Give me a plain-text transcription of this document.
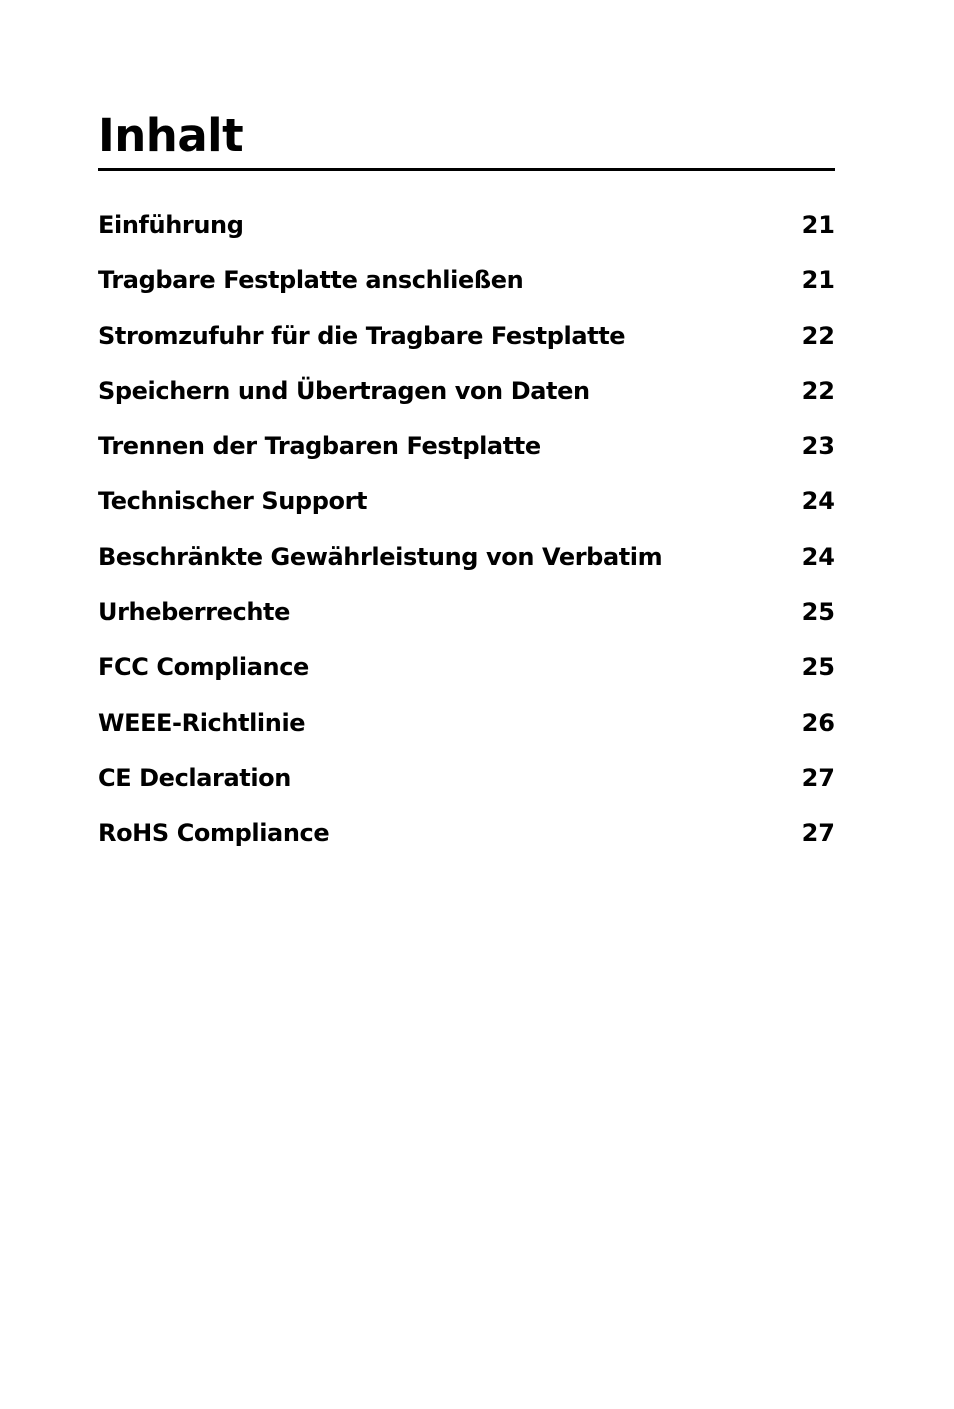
Inhalt
Einführung	21
Tragbare Festplatte anschließen	21
Stromzufuhr für die Tragbare Festplatte	22
Speichern und Übertragen von Daten	22
Trennen der Tragbaren Festplatte	23
Technischer Support	24
Beschränkte Gewährleistung von Verbatim	24
Urheberrechte	25
FCC Compliance	25
WEEE-Richtlinie	26
CE Declaration	27
RoHS Compliance	27
